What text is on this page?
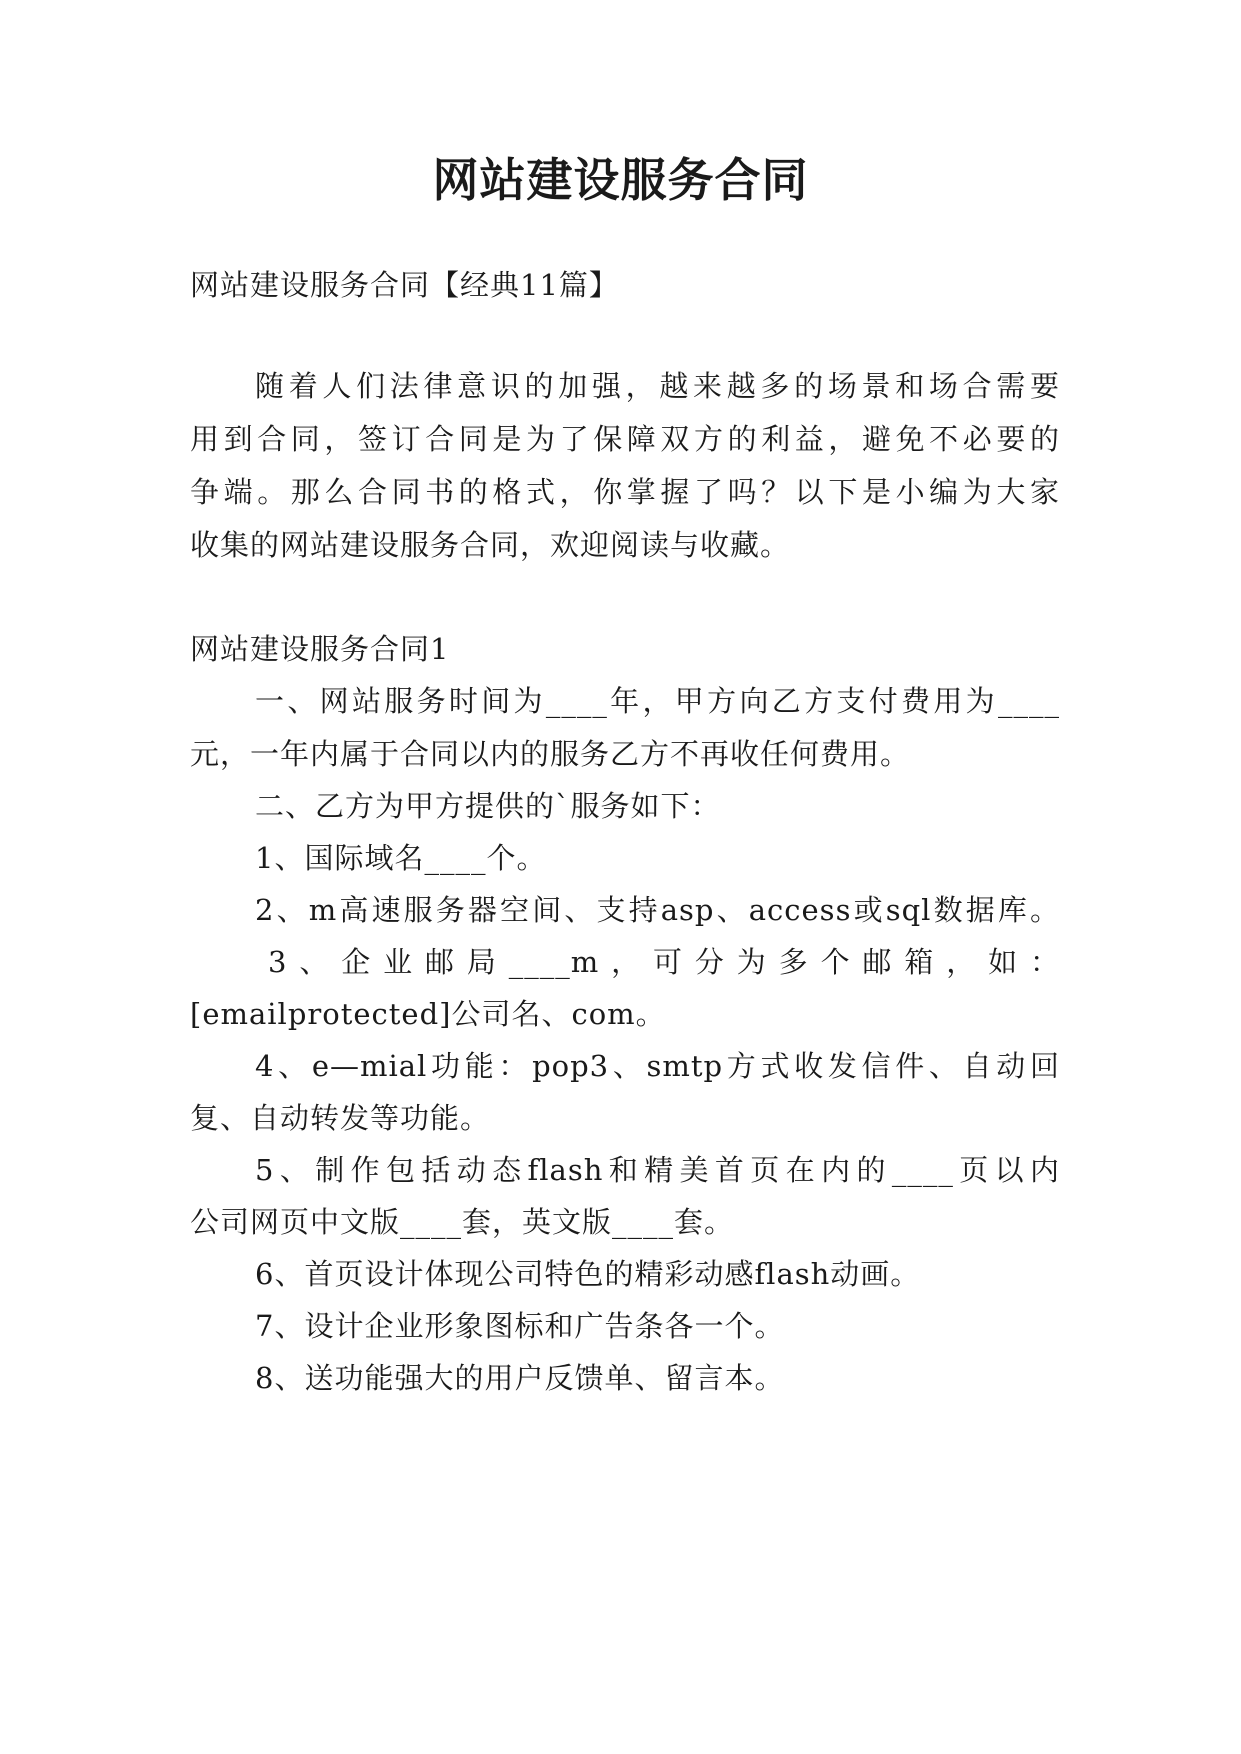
网站建设服务合同
网站建设服务合同【经典11篇】
随着人们法律意识的加强，越来越多的场景和场合需要
用到合同，签订合同是为了保障双方的利益，避免不必要的
争端。那么合同书的格式，你掌握了吗？以下是小编为大家
收集的网站建设服务合同，欢迎阅读与收藏。
网站建设服务合同1
一、网站服务时间为____年，甲方向乙方支付费用为____
元，一年内属于合同以内的服务乙方不再收任何费用。
二、乙方为甲方提供的`服务如下：
1、国际域名____个。
2、m高速服务器空间、支持asp、access或sql数据库。
3、企业邮局____m，可分为多个邮箱，如：
[emailprotected]公司名、com。
4、e—mial功能：pop3、smtp方式收发信件、自动回
复、自动转发等功能。
5、制作包括动态flash和精美首页在内的____页以内
公司网页中文版____套，英文版____套。
6、首页设计体现公司特色的精彩动感flash动画。
7、设计企业形象图标和广告条各一个。
8、送功能强大的用户反馈单、留言本。
